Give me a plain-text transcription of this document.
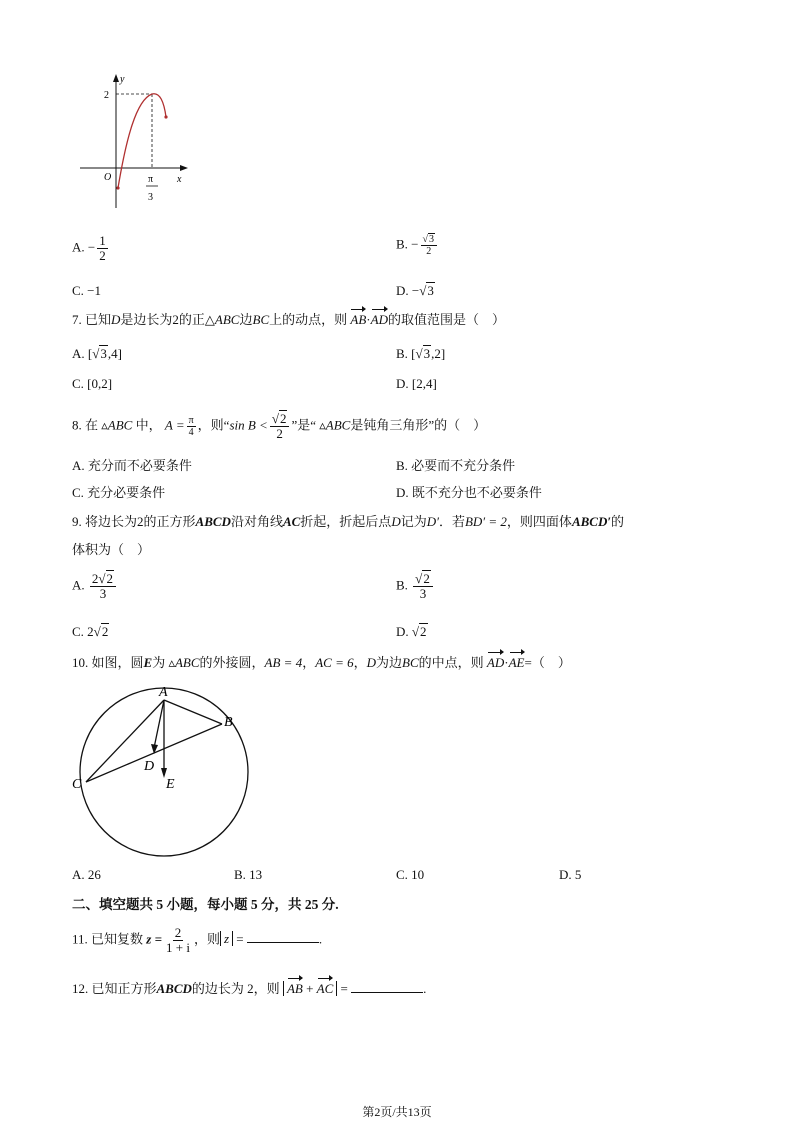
y
x
O
2
π
3
A. − $\frac{1}{2}$	B. − $\frac{√3}{2}$
C. −1	D. −√3
7. 已知D是边长为2的正△ABC边BC上的动点，则 AB·AD的取值范围是（　）
A. [√3,4]	B. [√3,2]
C. [0,2]	D. [2,4]
8. 在 ▵ABC 中， $A = \frac{\pi}{4}$ ，则“sin $B < \frac{√2}{2}$ ”是“ ▵ABC是钝角三角形”的（　）
A. 充分而不必要条件	B. 必要而不充分条件
C. 充分必要条件	D. 既不充分也不必要条件
9. 将边长为2的正方形ABCD沿对角线AC折起，折起后点D记为D′．若BD′ = 2，则四面体ABCD′的
体积为（　）
A. $\frac{2√2}{3}$	B. $\frac{√2}{3}$
C. 2√2	D. √2
10. 如图，圆E为 ▵ABC的外接圆，AB = 4，AC = 6，D为边BC的中点，则 AD·AE=（　）
A
B
C
D
E
A. 26	B. 13	C. 10	D. 5
二、填空题共 5 小题，每小题 5 分，共 25 分.
11. 已知复数 $z = \frac{2}{1 + i}$ ，则 z =	.
12. 已知正方形ABCD的边长为 2，则 AB + AC =	.
第2页/共13页
